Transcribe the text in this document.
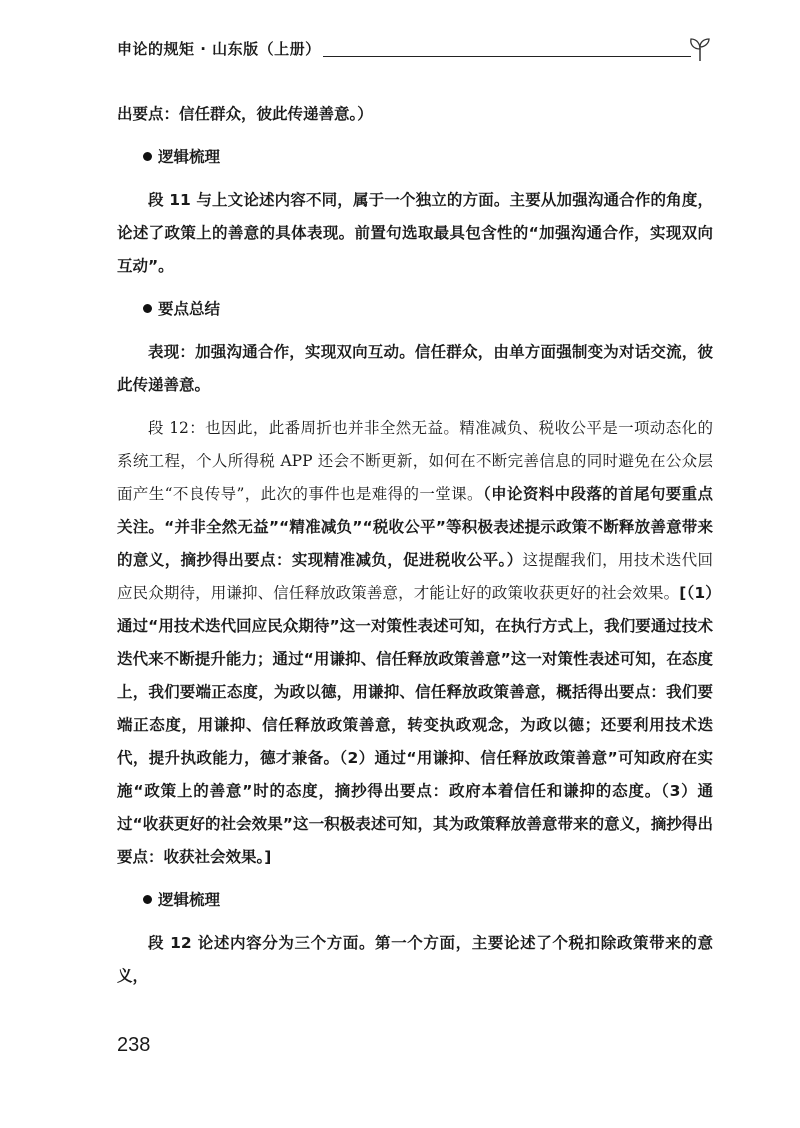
申论的规矩 · 山东版（上册）

出要点：信任群众，彼此传递善意。）

逻辑梳理

段 11 与上文论述内容不同，属于一个独立的方面。主要从加强沟通合作的角度，论述了政策上的善意的具体表现。前置句选取最具包含性的“加强沟通合作，实现双向互动”。

要点总结

表现：加强沟通合作，实现双向互动。信任群众，由单方面强制变为对话交流，彼此传递善意。

段 12：也因此，此番周折也并非全然无益。精准减负、税收公平是一项动态化的系统工程，个人所得税 APP 还会不断更新，如何在不断完善信息的同时避免在公众层面产生“不良传导”，此次的事件也是难得的一堂课。（申论资料中段落的首尾句要重点关注。“并非全然无益”“精准减负”“税收公平”等积极表述提示政策不断释放善意带来的意义，摘抄得出要点：实现精准减负，促进税收公平。）这提醒我们，用技术迭代回应民众期待，用谦抑、信任释放政策善意，才能让好的政策收获更好的社会效果。[（1）通过“用技术迭代回应民众期待”这一对策性表述可知，在执行方式上，我们要通过技术迭代来不断提升能力；通过“用谦抑、信任释放政策善意”这一对策性表述可知，在态度上，我们要端正态度，为政以德，用谦抑、信任释放政策善意，概括得出要点：我们要端正态度，用谦抑、信任释放政策善意，转变执政观念，为政以德；还要利用技术迭代，提升执政能力，德才兼备。（2）通过“用谦抑、信任释放政策善意”可知政府在实施“政策上的善意”时的态度，摘抄得出要点：政府本着信任和谦抑的态度。（3）通过“收获更好的社会效果”这一积极表述可知，其为政策释放善意带来的意义，摘抄得出要点：收获社会效果。]

逻辑梳理

段 12 论述内容分为三个方面。第一个方面，主要论述了个税扣除政策带来的意义，

238
